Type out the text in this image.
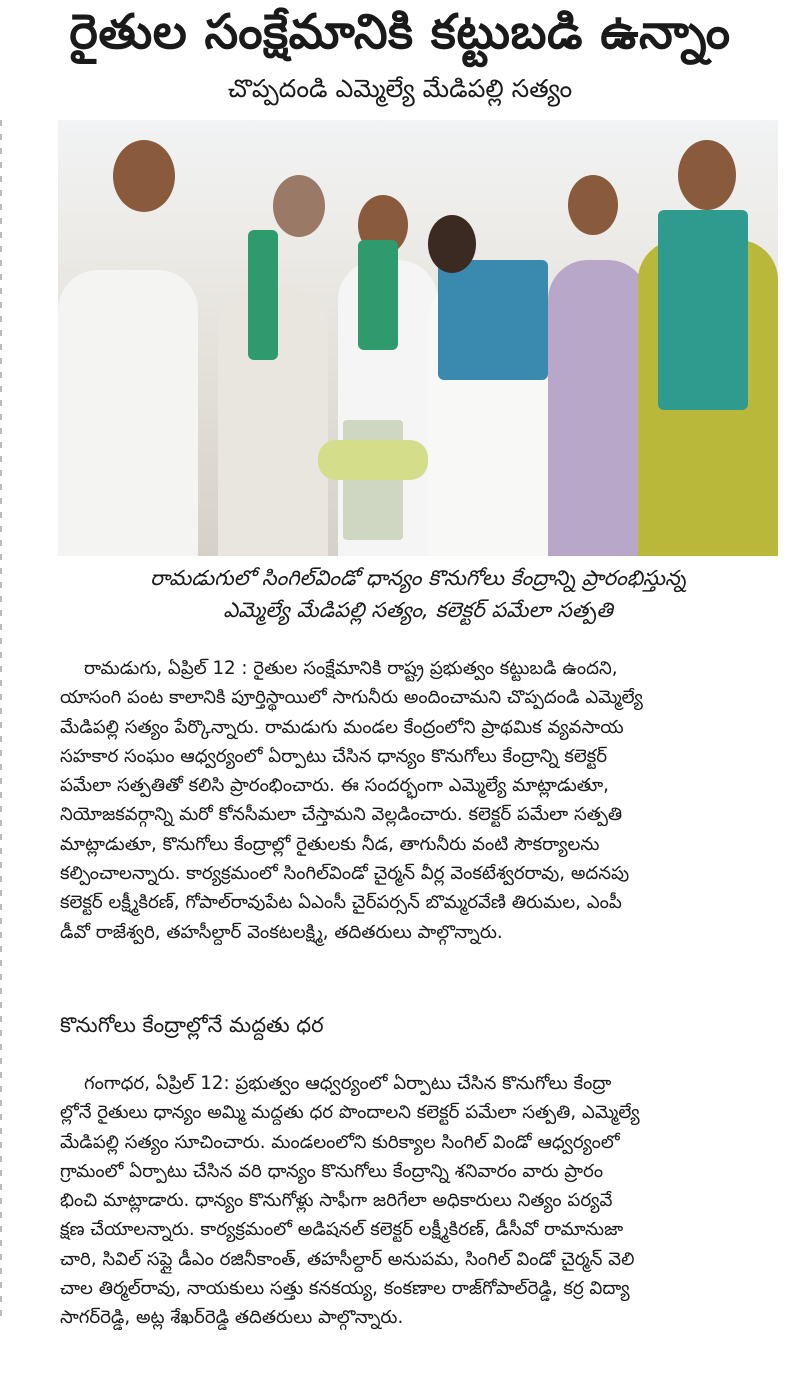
రైతుల సంక్షేమానికి కట్టుబడి ఉన్నాం
చొప్పదండి ఎమ్మెల్యే మేడిపల్లి సత్యం
రామడుగులో సింగిల్‌విండో ధాన్యం కొనుగోలు కేంద్రాన్ని ప్రారంభిస్తున్న
ఎమ్మెల్యే మేడిపల్లి సత్యం, కలెక్టర్ పమేలా సత్పతి
రామడుగు, ఏప్రిల్ 12 : రైతుల సంక్షేమానికి రాష్ట్ర ప్రభుత్వం కట్టుబడి ఉందని,
యాసంగి పంట కాలానికి పూర్తిస్థాయిలో సాగునీరు అందించామని చొప్పదండి ఎమ్మెల్యే
మేడిపల్లి సత్యం పేర్కొన్నారు. రామడుగు మండల కేంద్రంలోని ప్రాథమిక వ్యవసాయ
సహకార సంఘం ఆధ్వర్యంలో ఏర్పాటు చేసిన ధాన్యం కొనుగోలు కేంద్రాన్ని కలెక్టర్
పమేలా సత్పతితో కలిసి ప్రారంభించారు. ఈ సందర్భంగా ఎమ్మెల్యే మాట్లాడుతూ,
నియోజకవర్గాన్ని మరో కోనసీమలా చేస్తామని వెల్లడించారు. కలెక్టర్ పమేలా సత్పతి
మాట్లాడుతూ, కొనుగోలు కేంద్రాల్లో రైతులకు నీడ, తాగునీరు వంటి సౌకర్యాలను
కల్పించాలన్నారు. కార్యక్రమంలో సింగిల్‌విండో చైర్మన్ వీర్ల వెంకటేశ్వరరావు, అదనపు
కలెక్టర్ లక్ష్మీకిరణ్, గోపాల్‌రావుపేట ఏఎంసీ చైర్‌పర్సన్ బొమ్మరవేణి తిరుమల, ఎంపీ
డీవో రాజేశ్వరి, తహసీల్దార్ వెంకటలక్ష్మి, తదితరులు పాల్గొన్నారు.
కొనుగోలు కేంద్రాల్లోనే మద్దతు ధర
గంగాధర, ఏప్రిల్ 12: ప్రభుత్వం ఆధ్వర్యంలో ఏర్పాటు చేసిన కొనుగోలు కేంద్రా
ల్లోనే రైతులు ధాన్యం అమ్మి మద్దతు ధర పొందాలని కలెక్టర్ పమేలా సత్పతి, ఎమ్మెల్యే
మేడిపల్లి సత్యం సూచించారు. మండలంలోని కురిక్యాల సింగిల్ విండో ఆధ్వర్యంలో
గ్రామంలో ఏర్పాటు చేసిన వరి ధాన్యం కొనుగోలు కేంద్రాన్ని శనివారం వారు ప్రారం
భించి మాట్లాడారు. ధాన్యం కొనుగోళ్లు సాఫీగా జరిగేలా అధికారులు నిత్యం పర్యవే
క్షణ చేయాలన్నారు. కార్యక్రమంలో అడిషనల్ కలెక్టర్ లక్ష్మీకిరణ్, డీసీవో రామానుజా
చారి, సివిల్ సప్లై డీఎం రజినీకాంత్, తహసీల్దార్ అనుపమ, సింగిల్ విండో చైర్మన్ వెలి
చాల తిర్మల్‌రావు, నాయకులు సత్తు కనకయ్య, కంకణాల రాజ్‌గోపాల్‌రెడ్డి, కర్ర విద్యా
సాగర్‌రెడ్డి, అట్ల శేఖర్‌రెడ్డి తదితరులు పాల్గొన్నారు.
